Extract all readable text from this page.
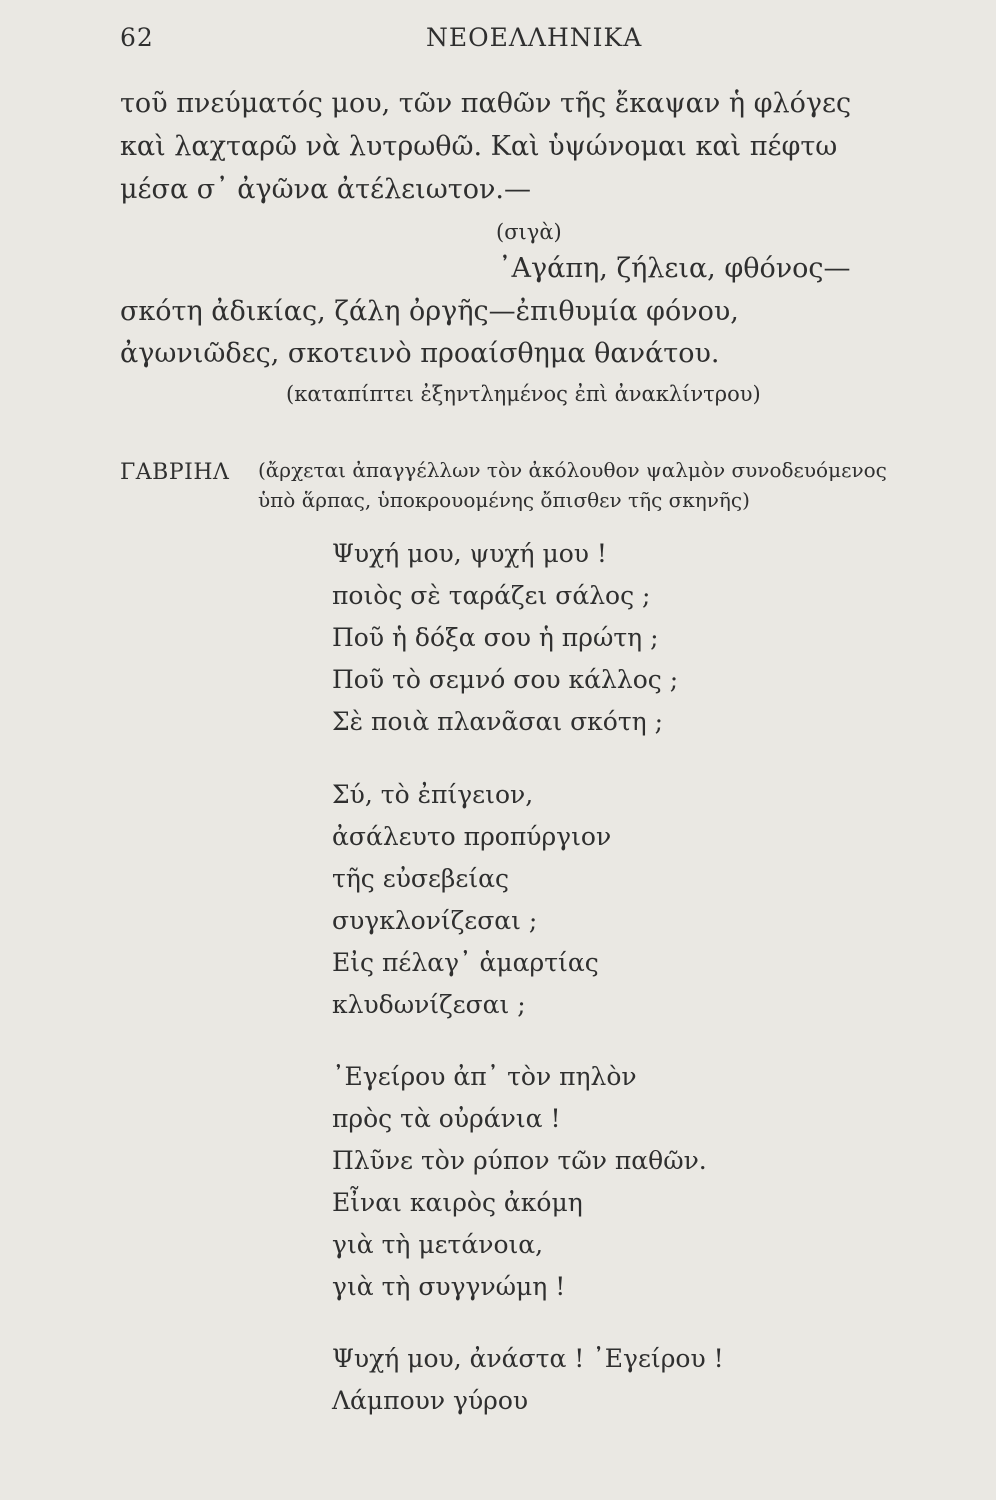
62	ΝΕΟΕΛΛΗΝΙΚΑ
τοῦ πνεύματός μου, τῶν παθῶν τῆς ἔκαψαν ἡ φλόγες
καὶ λαχταρῶ νὰ λυτρωθῶ. Καὶ ὑψώνομαι καὶ πέφτω
μέσα σ᾽ ἀγῶνα ἀτέλειωτον.—
(σιγὰ)
᾽Αγάπη, ζήλεια, φθόνος—
σκότη ἀδικίας, ζάλη ὀργῆς—ἐπιθυμία φόνου,
ἀγωνιῶδες, σκοτεινὸ προαίσθημα θανάτου.
(καταπίπτει ἐξηντλημένος ἐπὶ ἀνακλίντρου)
ΓΑΒΡΙΗΛ (ἄρχεται ἀπαγγέλλων τὸν ἀκόλουθον ψαλμὸν συνοδευόμενος
ὑπὸ ἅρπας, ὑποκρουομένης ὄπισθεν τῆς σκηνῆς)
Ψυχή μου, ψυχή μου !
ποιὸς σὲ ταράζει σάλος ;
Ποῦ ἡ δόξα σου ἡ πρώτη ;
Ποῦ τὸ σεμνό σου κάλλος ;
Σὲ ποιὰ πλανᾶσαι σκότη ;
Σύ, τὸ ἐπίγειον,
ἀσάλευτο προπύργιον
τῆς εὐσεβείας
συγκλονίζεσαι ;
Εἰς πέλαγ᾽ ἁμαρτίας
κλυδωνίζεσαι ;
᾽Εγείρου ἀπ᾽ τὸν πηλὸν
πρὸς τὰ οὐράνια !
Πλῦνε τὸν ρύπον τῶν παθῶν.
Εἶναι καιρὸς ἀκόμη
γιὰ τὴ μετάνοια,
γιὰ τὴ συγγνώμη !
Ψυχή μου, ἀνάστα ! ᾽Εγείρου !
Λάμπουν γύρου
